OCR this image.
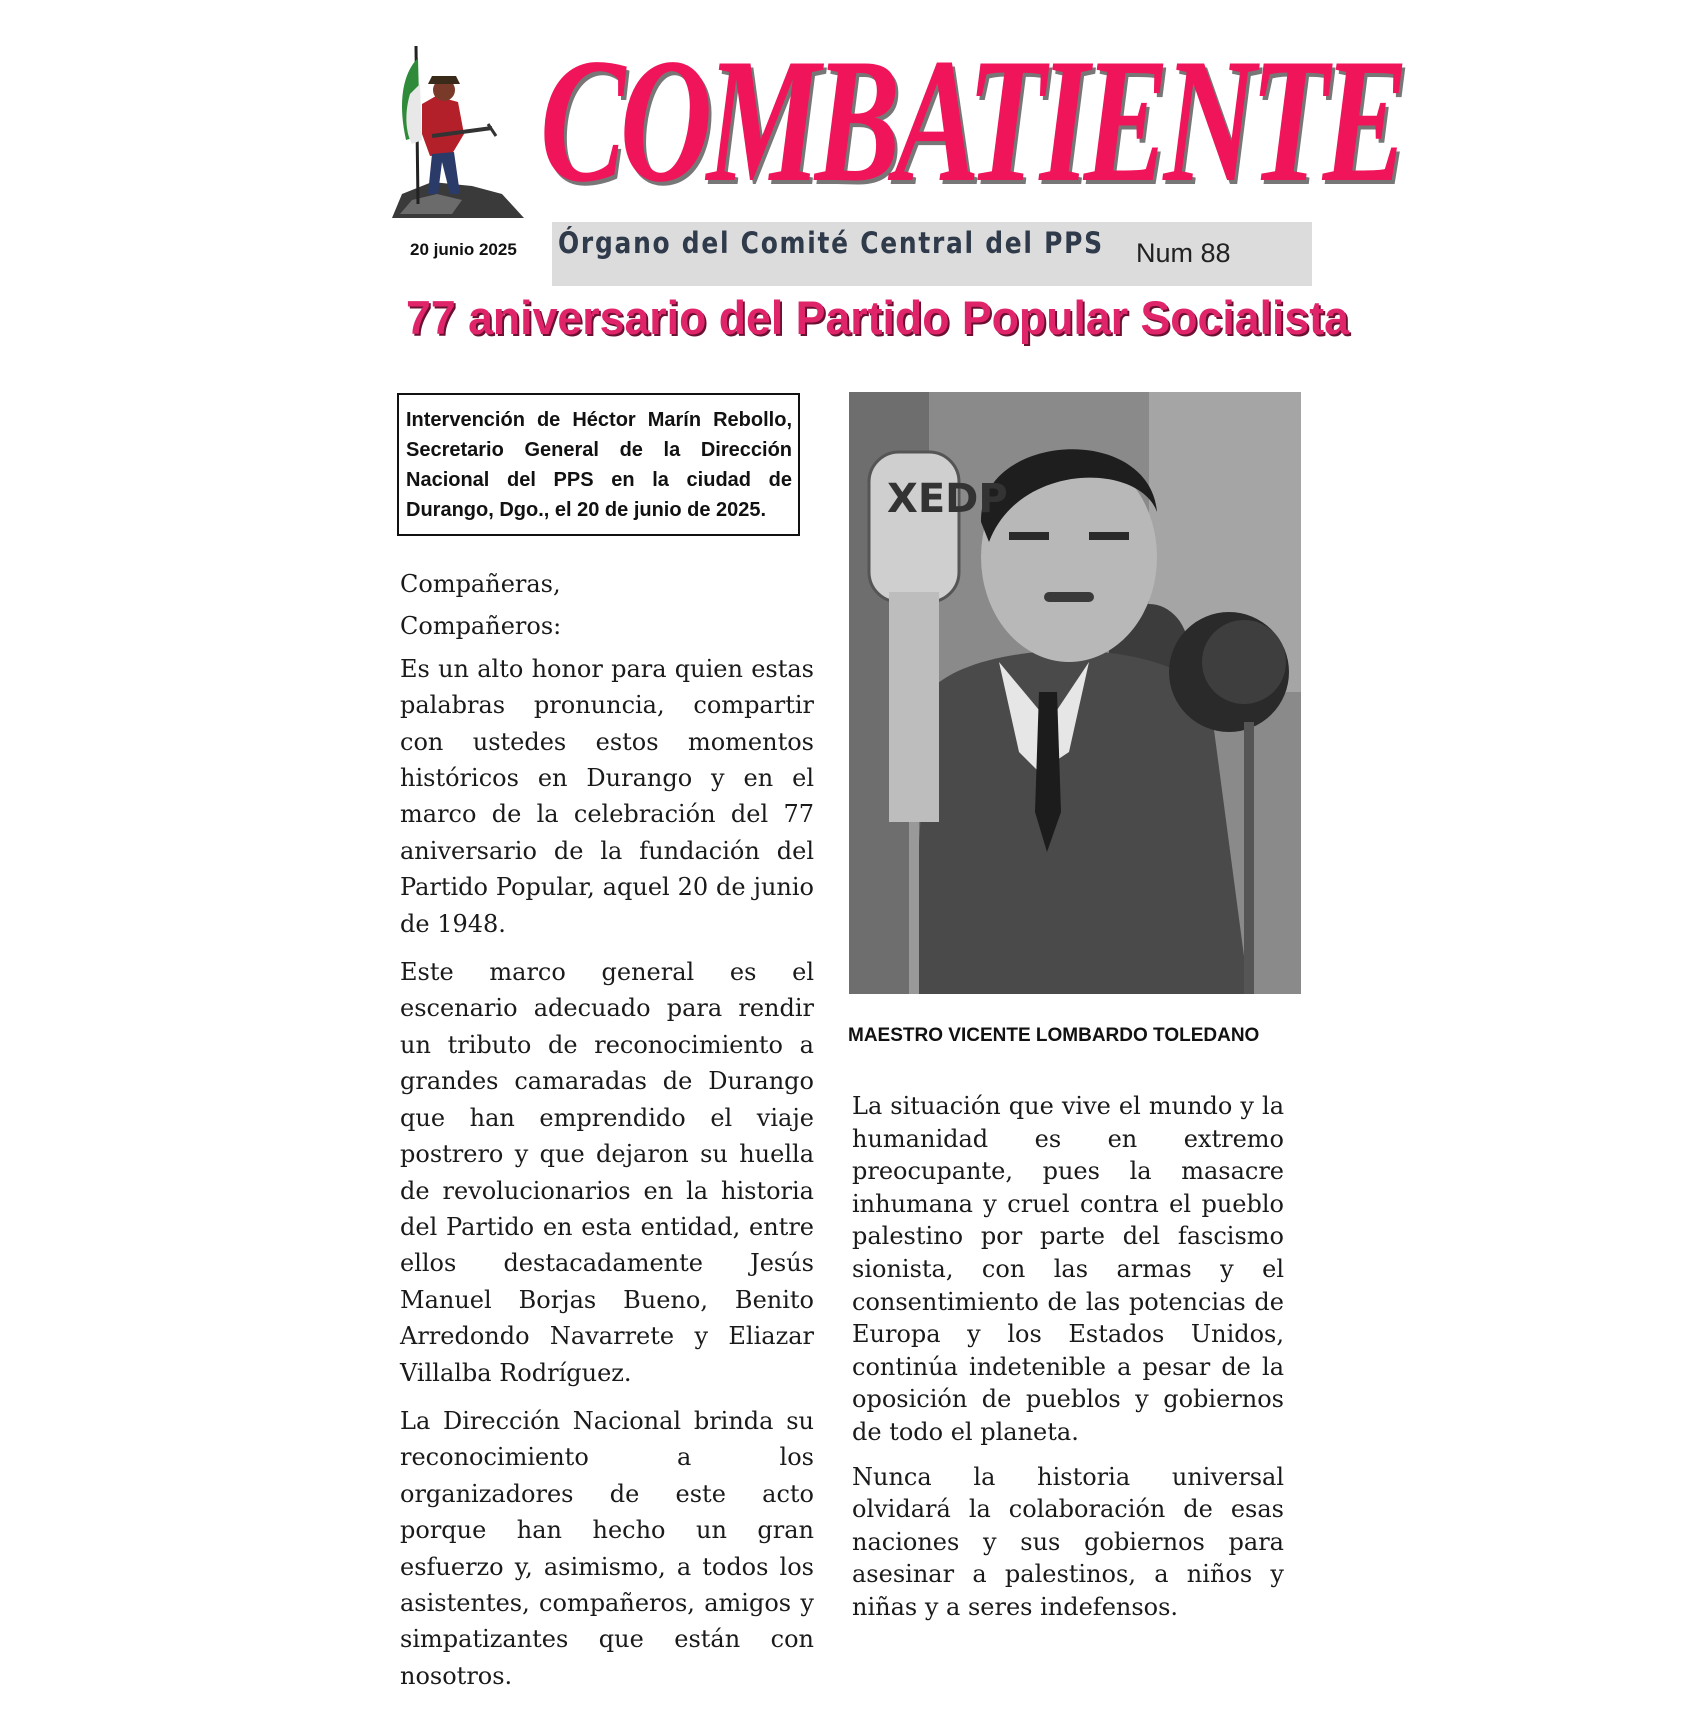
COMBATIENTE
20 junio 2025 Órgano del Comité Central del PPS Num 88
77 aniversario del Partido Popular Socialista
Intervención de Héctor Marín Rebollo, Secretario General de la Dirección Nacional del PPS en la ciudad de Durango, Dgo., el 20 de junio de 2025.

Compañeras,

Compañeros:

Es un alto honor para quien estas palabras pronuncia, compartir con ustedes estos momentos históricos en Durango y en el marco de la celebración del 77 aniversario de la fundación del Partido Popular, aquel 20 de junio de 1948.

Este marco general es el escenario adecuado para rendir un tributo de reconocimiento a grandes camaradas de Durango que han emprendido el viaje postrero y que dejaron su huella de revolucionarios en la historia del Partido en esta entidad, entre ellos destacadamente Jesús Manuel Borjas Bueno, Benito Arredondo Navarrete y Eliazar Villalba Rodríguez.

La Dirección Nacional brinda su reconocimiento a los organizadores de este acto porque han hecho un gran esfuerzo y, asimismo, a todos los asistentes, compañeros, amigos y simpatizantes que están con nosotros.

XEDP
MAESTRO VICENTE LOMBARDO TOLEDANO

La situación que vive el mundo y la humanidad es en extremo preocupante, pues la masacre inhumana y cruel contra el pueblo palestino por parte del fascismo sionista, con las armas y el consentimiento de las potencias de Europa y los Estados Unidos, continúa indetenible a pesar de la oposición de pueblos y gobiernos de todo el planeta.

Nunca la historia universal olvidará la colaboración de esas naciones y sus gobiernos para asesinar a palestinos, a niños y niñas y a seres indefensos.
